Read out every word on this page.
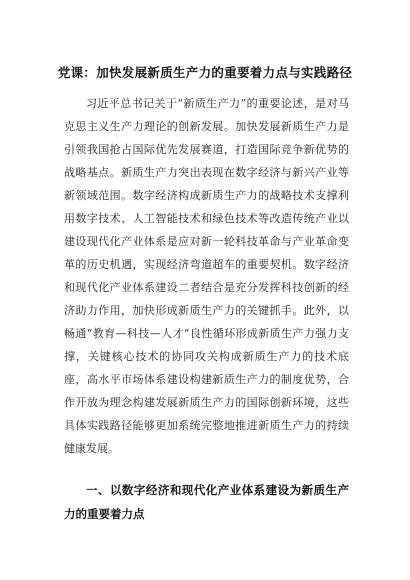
党课：加快发展新质生产力的重要着力点与实践路径

习近平总书记关于“新质生产力”的重要论述，是对马克思主义生产力理论的创新发展。加快发展新质生产力是引领我国抢占国际优先发展赛道，打造国际竞争新优势的战略基点。新质生产力突出表现在数字经济与新兴产业等新领域范围。数字经济构成新质生产力的战略技术支撑利用数字技术、人工智能技术和绿色技术等改造传统产业以建设现代化产业体系是应对新一轮科技革命与产业革命变革的历史机遇，实现经济弯道超车的重要契机。数字经济和现代化产业体系建设二者结合是充分发挥科技创新的经济助力作用，加快形成新质生产力的关键抓手。此外，以畅通“教育—科技—人才”良性循环形成新质生产力强力支撑，关键核心技术的协同攻关构成新质生产力的技术底座，高水平市场体系建设构建新质生产力的制度优势，合作开放为理念构建发展新质生产力的国际创新环境，这些具体实践路径能够更加系统完整地推进新质生产力的持续健康发展。

一、以数字经济和现代化产业体系建设为新质生产力的重要着力点
